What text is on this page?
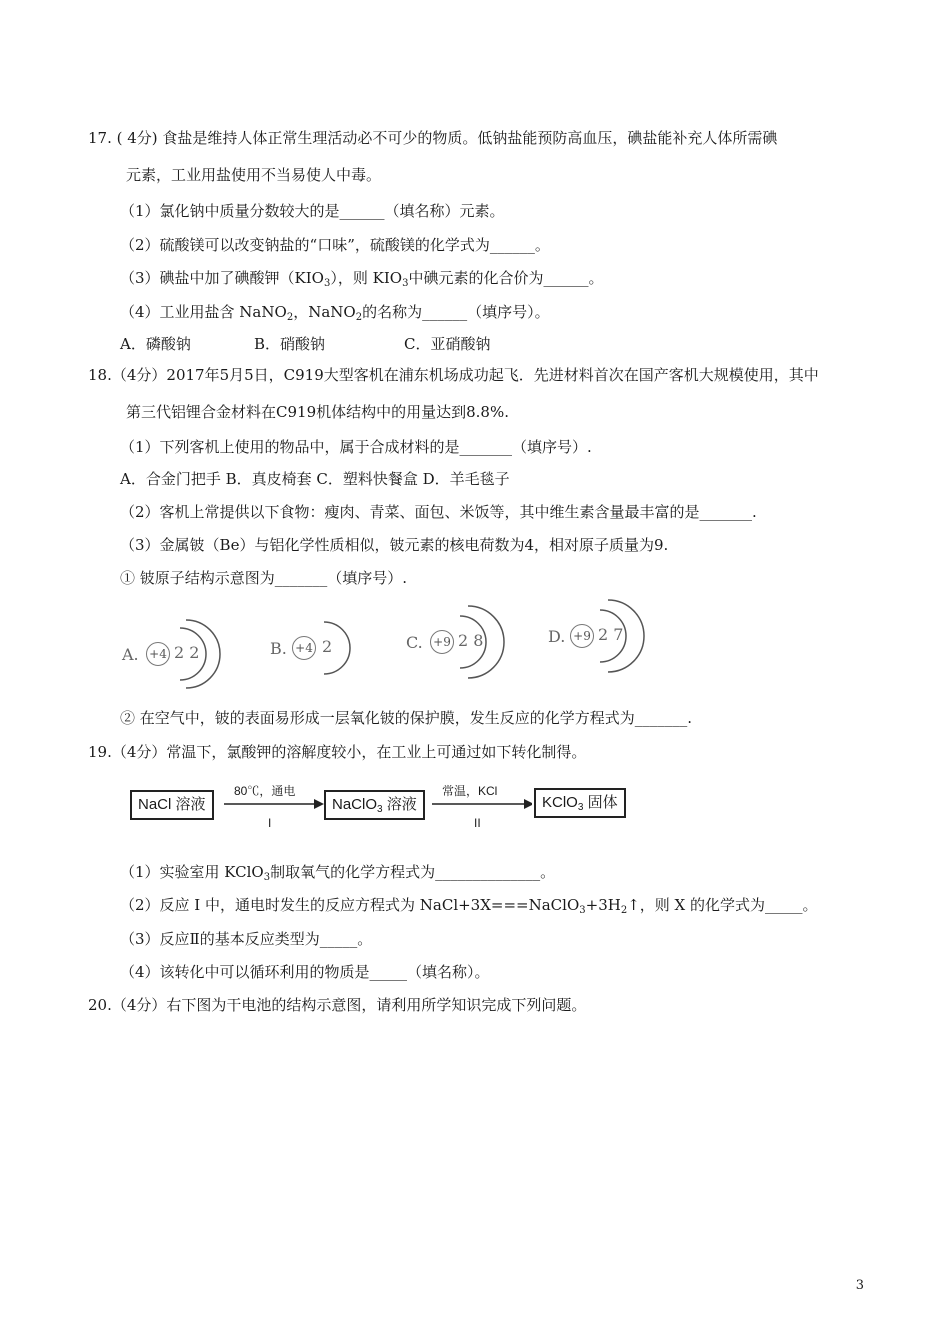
17. ( 4分) 食盐是维持人体正常生理活动必不可少的物质。低钠盐能预防高血压，碘盐能补充人体所需碘
元素，工业用盐使用不当易使人中毒。
（1）氯化钠中质量分数较大的是______（填名称）元素。
（2）硫酸镁可以改变钠盐的“口味”，硫酸镁的化学式为______。
（3）碘盐中加了碘酸钾$(KIO_3)$，则 $KIO_3$中碘元素的化合价为______。
（4）工业用盐含 NaNO$_2$，NaNO$_2$的名称为______（填序号）。
A．磷酸钠	B．硝酸钠	C．亚硝酸钠
18.（4分）2017年5月5日，C919大型客机在浦东机场成功起飞．先进材料首次在国产客机大规模使用，其中
第三代铝锂合金材料在C919机体结构中的用量达到8.8%.
（1）下列客机上使用的物品中，属于合成材料的是_______（填序号）.
A．合金门把手 B．真皮椅套 C．塑料快餐盒 D．羊毛毯子
（2）客机上常提供以下食物：瘦肉、青菜、面包、米饭等，其中维生素含量最丰富的是_______.
（3）金属铍（Be）与铝化学性质相似，铍元素的核电荷数为4，相对原子质量为9.
① 铍原子结构示意图为_______（填序号）.
A. +4 2 2	B. +4 2	C. +9 2 8	D. +9 2 7
② 在空气中，铍的表面易形成一层氧化铍的保护膜，发生反应的化学方程式为_______.
19.（4分）常温下，氯酸钾的溶解度较小，在工业上可通过如下转化制得。
NaCl 溶液
80℃，通电
I
NaClO$_3$ 溶液
常温，KCl
II
KClO$_3$ 固体
（1）实验室用 KClO$_3$制取氧气的化学方程式为______________。
（2）反应 I 中，通电时发生的反应方程式为 $NaCl+3X===NaClO_3+3H_2↑$，则 X 的化学式为_____。
（3）反应Ⅱ的基本反应类型为_____。
（4）该转化中可以循环利用的物质是_____（填名称）。
20.（4分）右下图为干电池的结构示意图，请利用所学知识完成下列问题。
3
